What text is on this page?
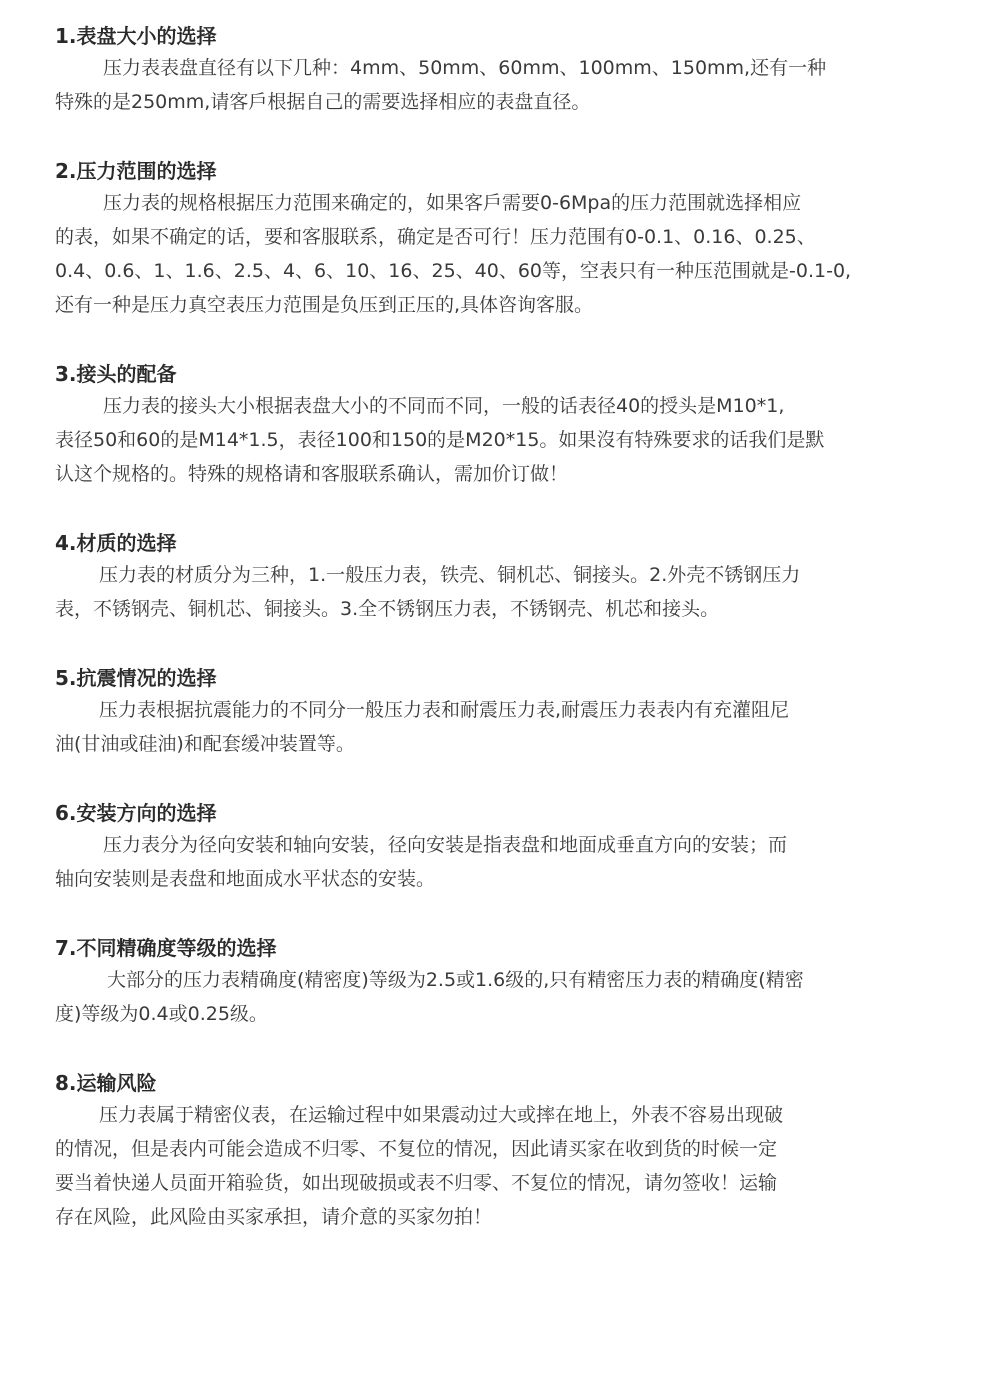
1.表盘大小的选择

压力表表盘直径有以下几种：4mm、50mm、60mm、100mm、150mm,还有一种

特殊的是250mm,请客戶根据自己的需要选择相应的表盘直径。

2.压力范围的选择

压力表的规格根据压力范围来确定的，如果客戶需要0-6Mpa的压力范围就选择相应

的表，如果不确定的话，要和客服联系，确定是否可行！压力范围有0-0.1、0.16、0.25、

0.4、0.6、1、1.6、2.5、4、6、10、16、25、40、60等，空表只有一种压范围就是-0.1-0,

还有一种是压力真空表压力范围是负压到正压的,具体咨询客服。

3.接头的配备

压力表的接头大小根据表盘大小的不同而不同，一般的话表径40的授头是M10*1,

表径50和60的是M14*1.5，表径100和150的是M20*15。如果沒有特殊要求的话我们是默

认这个规格的。特殊的规格请和客服联系确认，需加价订做！

4.材质的选择

压力表的材质分为三种，1.一般压力表，铁壳、铜机芯、铜接头。2.外壳不锈钢压力

表，不锈钢壳、铜机芯、铜接头。3.全不锈钢压力表，不锈钢壳、机芯和接头。

5.抗震情况的选择

压力表根据抗震能力的不同分一般压力表和耐震压力表,耐震压力表表内有充灌阻尼

油(甘油或硅油)和配套缓冲装置等。

6.安装方向的选择

压力表分为径向安装和轴向安装，径向安装是指表盘和地面成垂直方向的安装；而

轴向安装则是表盘和地面成水平状态的安装。

7.不同精确度等级的选择

大部分的压力表精确度(精密度)等级为2.5或1.6级的,只有精密压力表的精确度(精密

度)等级为0.4或0.25级。

8.运输风险

压力表属于精密仪表，在运输过程中如果震动过大或摔在地上，外表不容易出现破

的情况，但是表内可能会造成不归零、不复位的情况，因此请买家在收到货的时候一定

要当着快递人员面开箱验货，如出现破损或表不归零、不复位的情况，请勿签收！运输

存在风险，此风险由买家承担，请介意的买家勿拍！
